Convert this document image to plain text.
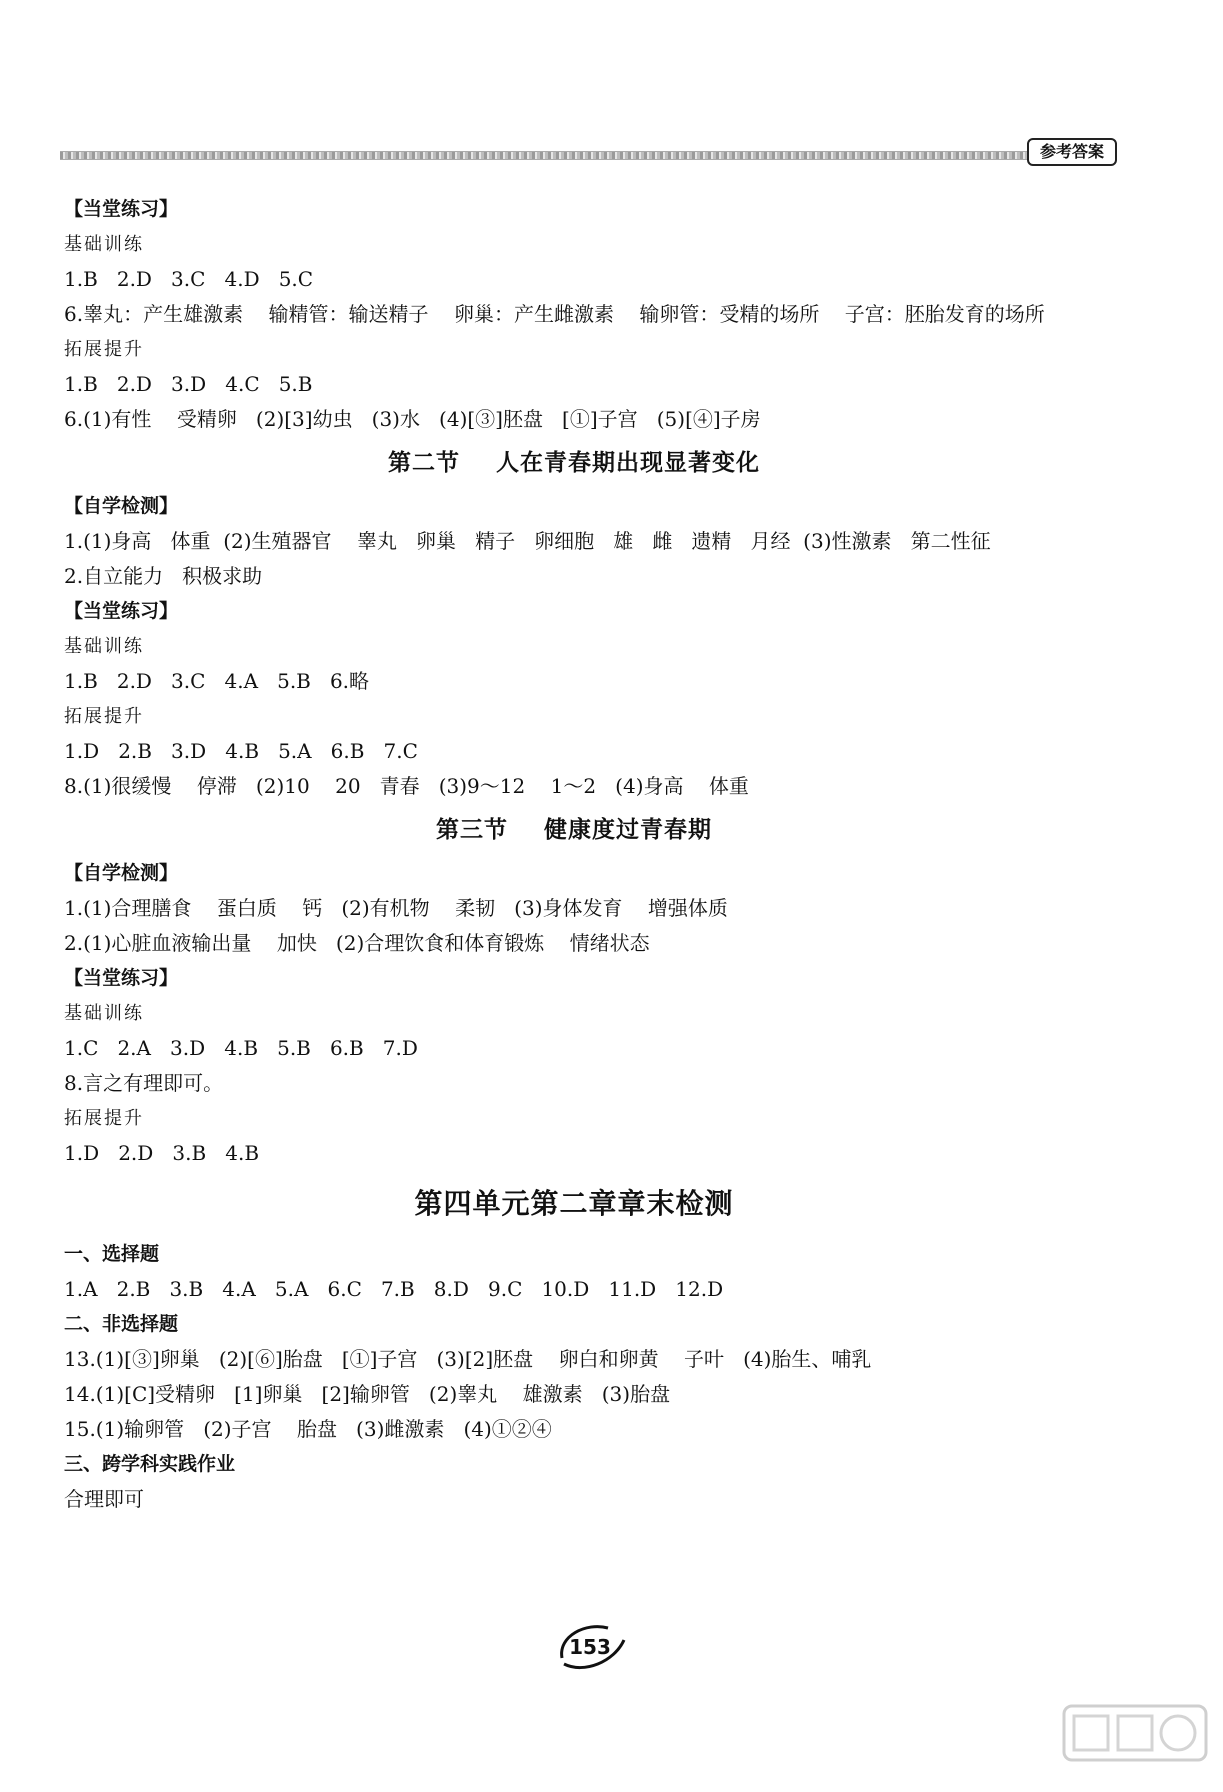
参考答案
【当堂练习】
基础训练
1.B   2.D   3.C   4.D   5.C
6.睾丸：产生雄激素    输精管：输送精子    卵巢：产生雌激素    输卵管：受精的场所    子宫：胚胎发育的场所
拓展提升
1.B   2.D   3.D   4.C   5.B
6.(1)有性    受精卵   (2)[3]幼虫   (3)水   (4)[③]胚盘   [①]子宫   (5)[④]子房
第二节    人在青春期出现显著变化
【自学检测】
1.(1)身高   体重  (2)生殖器官    睾丸   卵巢   精子   卵细胞   雄   雌   遗精   月经  (3)性激素   第二性征
2.自立能力   积极求助
【当堂练习】
基础训练
1.B   2.D   3.C   4.A   5.B   6.略
拓展提升
1.D   2.B   3.D   4.B   5.A   6.B   7.C
8.(1)很缓慢    停滞   (2)10    20   青春   (3)9～12    1～2   (4)身高    体重
第三节    健康度过青春期
【自学检测】
1.(1)合理膳食    蛋白质    钙   (2)有机物    柔韧   (3)身体发育    增强体质
2.(1)心脏血液输出量    加快   (2)合理饮食和体育锻炼    情绪状态
【当堂练习】
基础训练
1.C   2.A   3.D   4.B   5.B   6.B   7.D
8.言之有理即可。
拓展提升
1.D   2.D   3.B   4.B
第四单元第二章章末检测
一、选择题
1.A   2.B   3.B   4.A   5.A   6.C   7.B   8.D   9.C   10.D   11.D   12.D
二、非选择题
13.(1)[③]卵巢   (2)[⑥]胎盘   [①]子宫   (3)[2]胚盘    卵白和卵黄    子叶   (4)胎生、哺乳
14.(1)[C]受精卵   [1]卵巢   [2]输卵管   (2)睾丸    雄激素   (3)胎盘
15.(1)输卵管   (2)子宫    胎盘   (3)雌激素   (4)①②④
三、跨学科实践作业
合理即可
153
